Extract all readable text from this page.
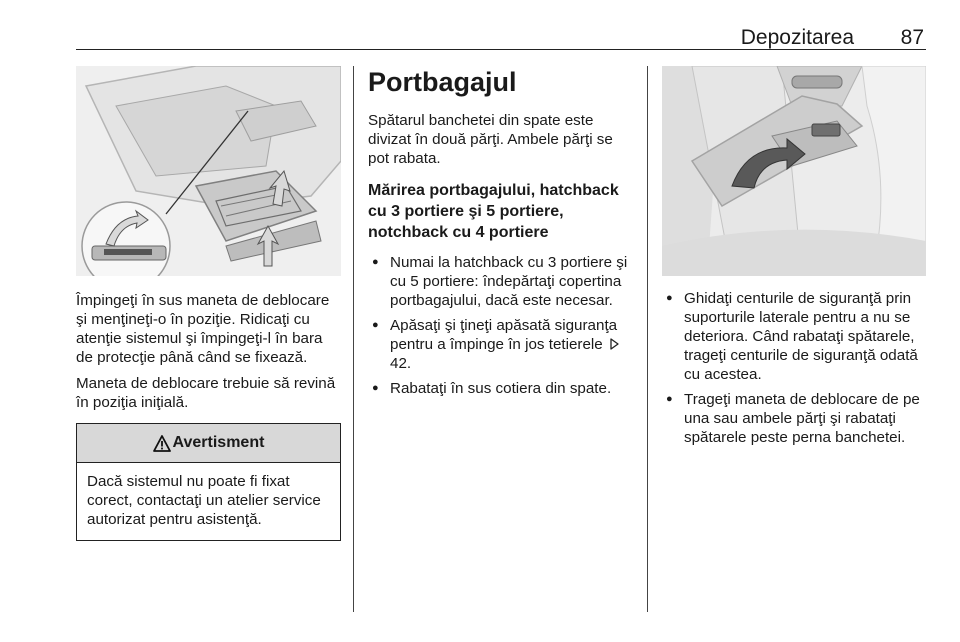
Depozitarea 87

Împingeţi în sus maneta de deblocare şi menţineţi-o în poziţie. Ridicaţi cu atenţie sistemul şi împingeţi-l în bara de protecţie până când se fixează.

Maneta de deblocare trebuie să revină în poziţia iniţială.

Avertisment
Dacă sistemul nu poate fi fixat corect, contactaţi un atelier service autorizat pentru asistenţă.
Portbagajul

Spătarul banchetei din spate este divizat în două părţi. Ambele părţi se pot rabata.

Mărirea portbagajului, hatchback cu 3 portiere şi 5 portiere, notchback cu 4 portiere
● Numai la hatchback cu 3 portiere şi cu 5 portiere: îndepărtaţi copertina portbagajului, dacă este necesar.
● Apăsaţi şi ţineţi apăsată siguranţa pentru a împinge în jos tetierele  42.
● Rabataţi în sus cotiera din spate.
● Ghidaţi centurile de siguranţă prin suporturile laterale pentru a nu se deteriora. Când rabataţi spătarele, trageţi centurile de siguranţă odată cu acestea.
● Trageţi maneta de deblocare de pe una sau ambele părţi şi rabataţi spătarele peste perna banchetei.
